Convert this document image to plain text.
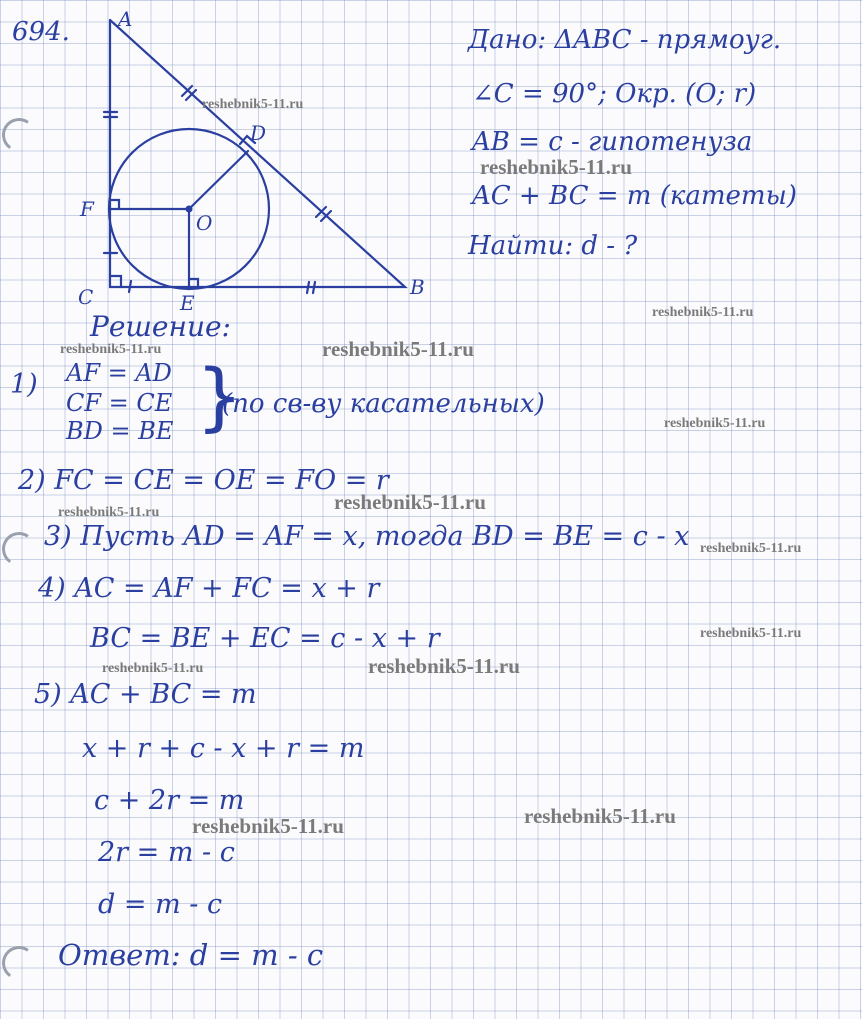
694. A
B
C
D
E
F
O

Дано: ΔABC - прямоуг.

∠C = 90°; Окр. (O; r)

AB = c - гипотенуза

AC + BC = m (катеты)

Найти: d - ?

Решение:

1) AF = AD

CF = CE

BD = BE }

(по св-ву касательных)

2) FC = CE = OE = FO = r

3) Пусть AD = AF = x, тогда BD = BE = c - x

4) AC = AF + FC = x + r

BC = BE + EC = c - x + r

5) AC + BC = m

x + r + c - x + r = m

c + 2r = m

2r = m - c

d = m - c

Ответ: d = m - c

reshebnik5-11.ru
reshebnik5-11.ru
reshebnik5-11.ru
reshebnik5-11.ru	reshebnik5-11.ru
reshebnik5-11.ru
reshebnik5-11.ru
reshebnik5-11.ru
reshebnik5-11.ru
reshebnik5-11.ru
reshebnik5-11.ru	reshebnik5-11.ru
reshebnik5-11.ru
reshebnik5-11.ru
